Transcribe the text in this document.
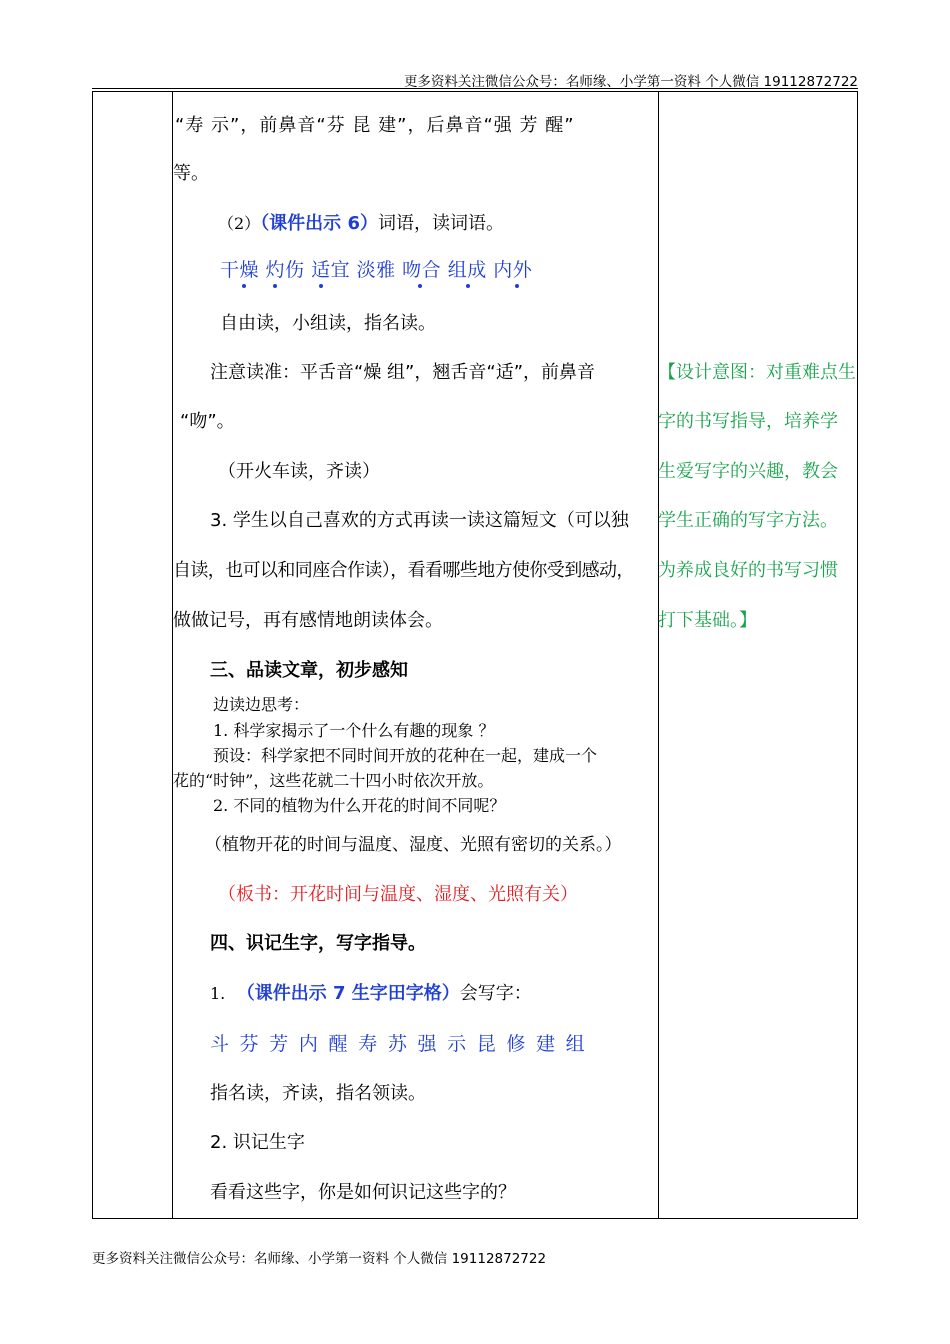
更多资料关注微信公众号：名师缘、小学第一资料 个人微信 19112872722
“寿 示”，前鼻音“芬 昆 建”，后鼻音“强 芳 醒”
等。
（2）（课件出示 6）词语，读词语。
干燥 灼伤 适宜 淡雅 吻合 组成 内外
自由读，小组读，指名读。
注意读准：平舌音“燥 组”，翘舌音“适”，前鼻音
“吻”。
（开火车读，齐读）
3. 学生以自己喜欢的方式再读一读这篇短文（可以独
自读，也可以和同座合作读），看看哪些地方使你受到感动，
做做记号，再有感情地朗读体会。
三、品读文章，初步感知
边读边思考：
1. 科学家揭示了一个什么有趣的现象 ？
预设：科学家把不同时间开放的花种在一起，建成一个
花的“时钟”，这些花就二十四小时依次开放。
2. 不同的植物为什么开花的时间不同呢？
（植物开花的时间与温度、湿度、光照有密切的关系。）
（板书：开花时间与温度、湿度、光照有关）
四、识记生字，写字指导。
1. （课件出示 7 生字田字格）会写字：
斗 芬 芳 内 醒 寿 苏 强 示 昆 修 建 组
指名读，齐读，指名领读。
2. 识记生字
看看这些字，你是如何识记这些字的？
【设计意图：对重难点生
字的书写指导，培养学
生爱写字的兴趣，教会
学生正确的写字方法。
为养成良好的书写习惯
打下基础。】
更多资料关注微信公众号：名师缘、小学第一资料 个人微信 19112872722
